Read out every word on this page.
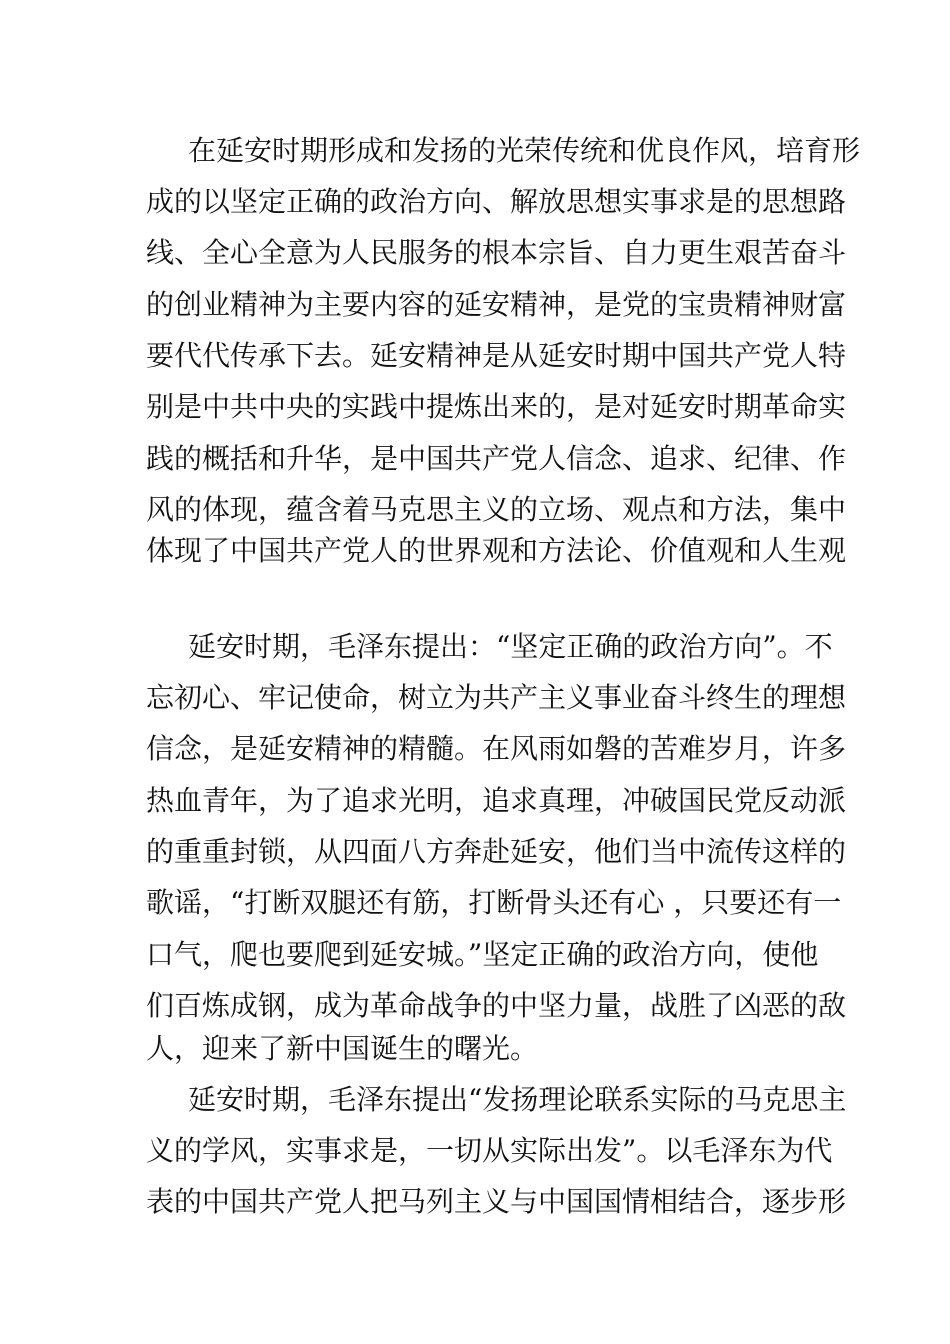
在延安时期形成和发扬的光荣传统和优良作风，培育形
成的以坚定正确的政治方向、解放思想实事求是的思想路
线、全心全意为人民服务的根本宗旨、自力更生艰苦奋斗
的创业精神为主要内容的延安精神，是党的宝贵精神财富
要代代传承下去。延安精神是从延安时期中国共产党人特
别是中共中央的实践中提炼出来的，是对延安时期革命实
践的概括和升华，是中国共产党人信念、追求、纪律、作
风的体现，蕴含着马克思主义的立场、观点和方法，集中
体现了中国共产党人的世界观和方法论、价值观和人生观
延安时期，毛泽东提出：“坚定正确的政治方向”。不
忘初心、牢记使命，树立为共产主义事业奋斗终生的理想
信念，是延安精神的精髓。在风雨如磐的苦难岁月，许多
热血青年，为了追求光明，追求真理，冲破国民党反动派
的重重封锁，从四面八方奔赴延安，他们当中流传这样的
歌谣，“打断双腿还有筋，打断骨头还有心 ，只要还有一
口气，爬也要爬到延安城。”坚定正确的政治方向，使他
们百炼成钢，成为革命战争的中坚力量，战胜了凶恶的敌
人，迎来了新中国诞生的曙光。
延安时期，毛泽东提出“发扬理论联系实际的马克思主
义的学风，实事求是，一切从实际出发”。以毛泽东为代
表的中国共产党人把马列主义与中国国情相结合，逐步形
